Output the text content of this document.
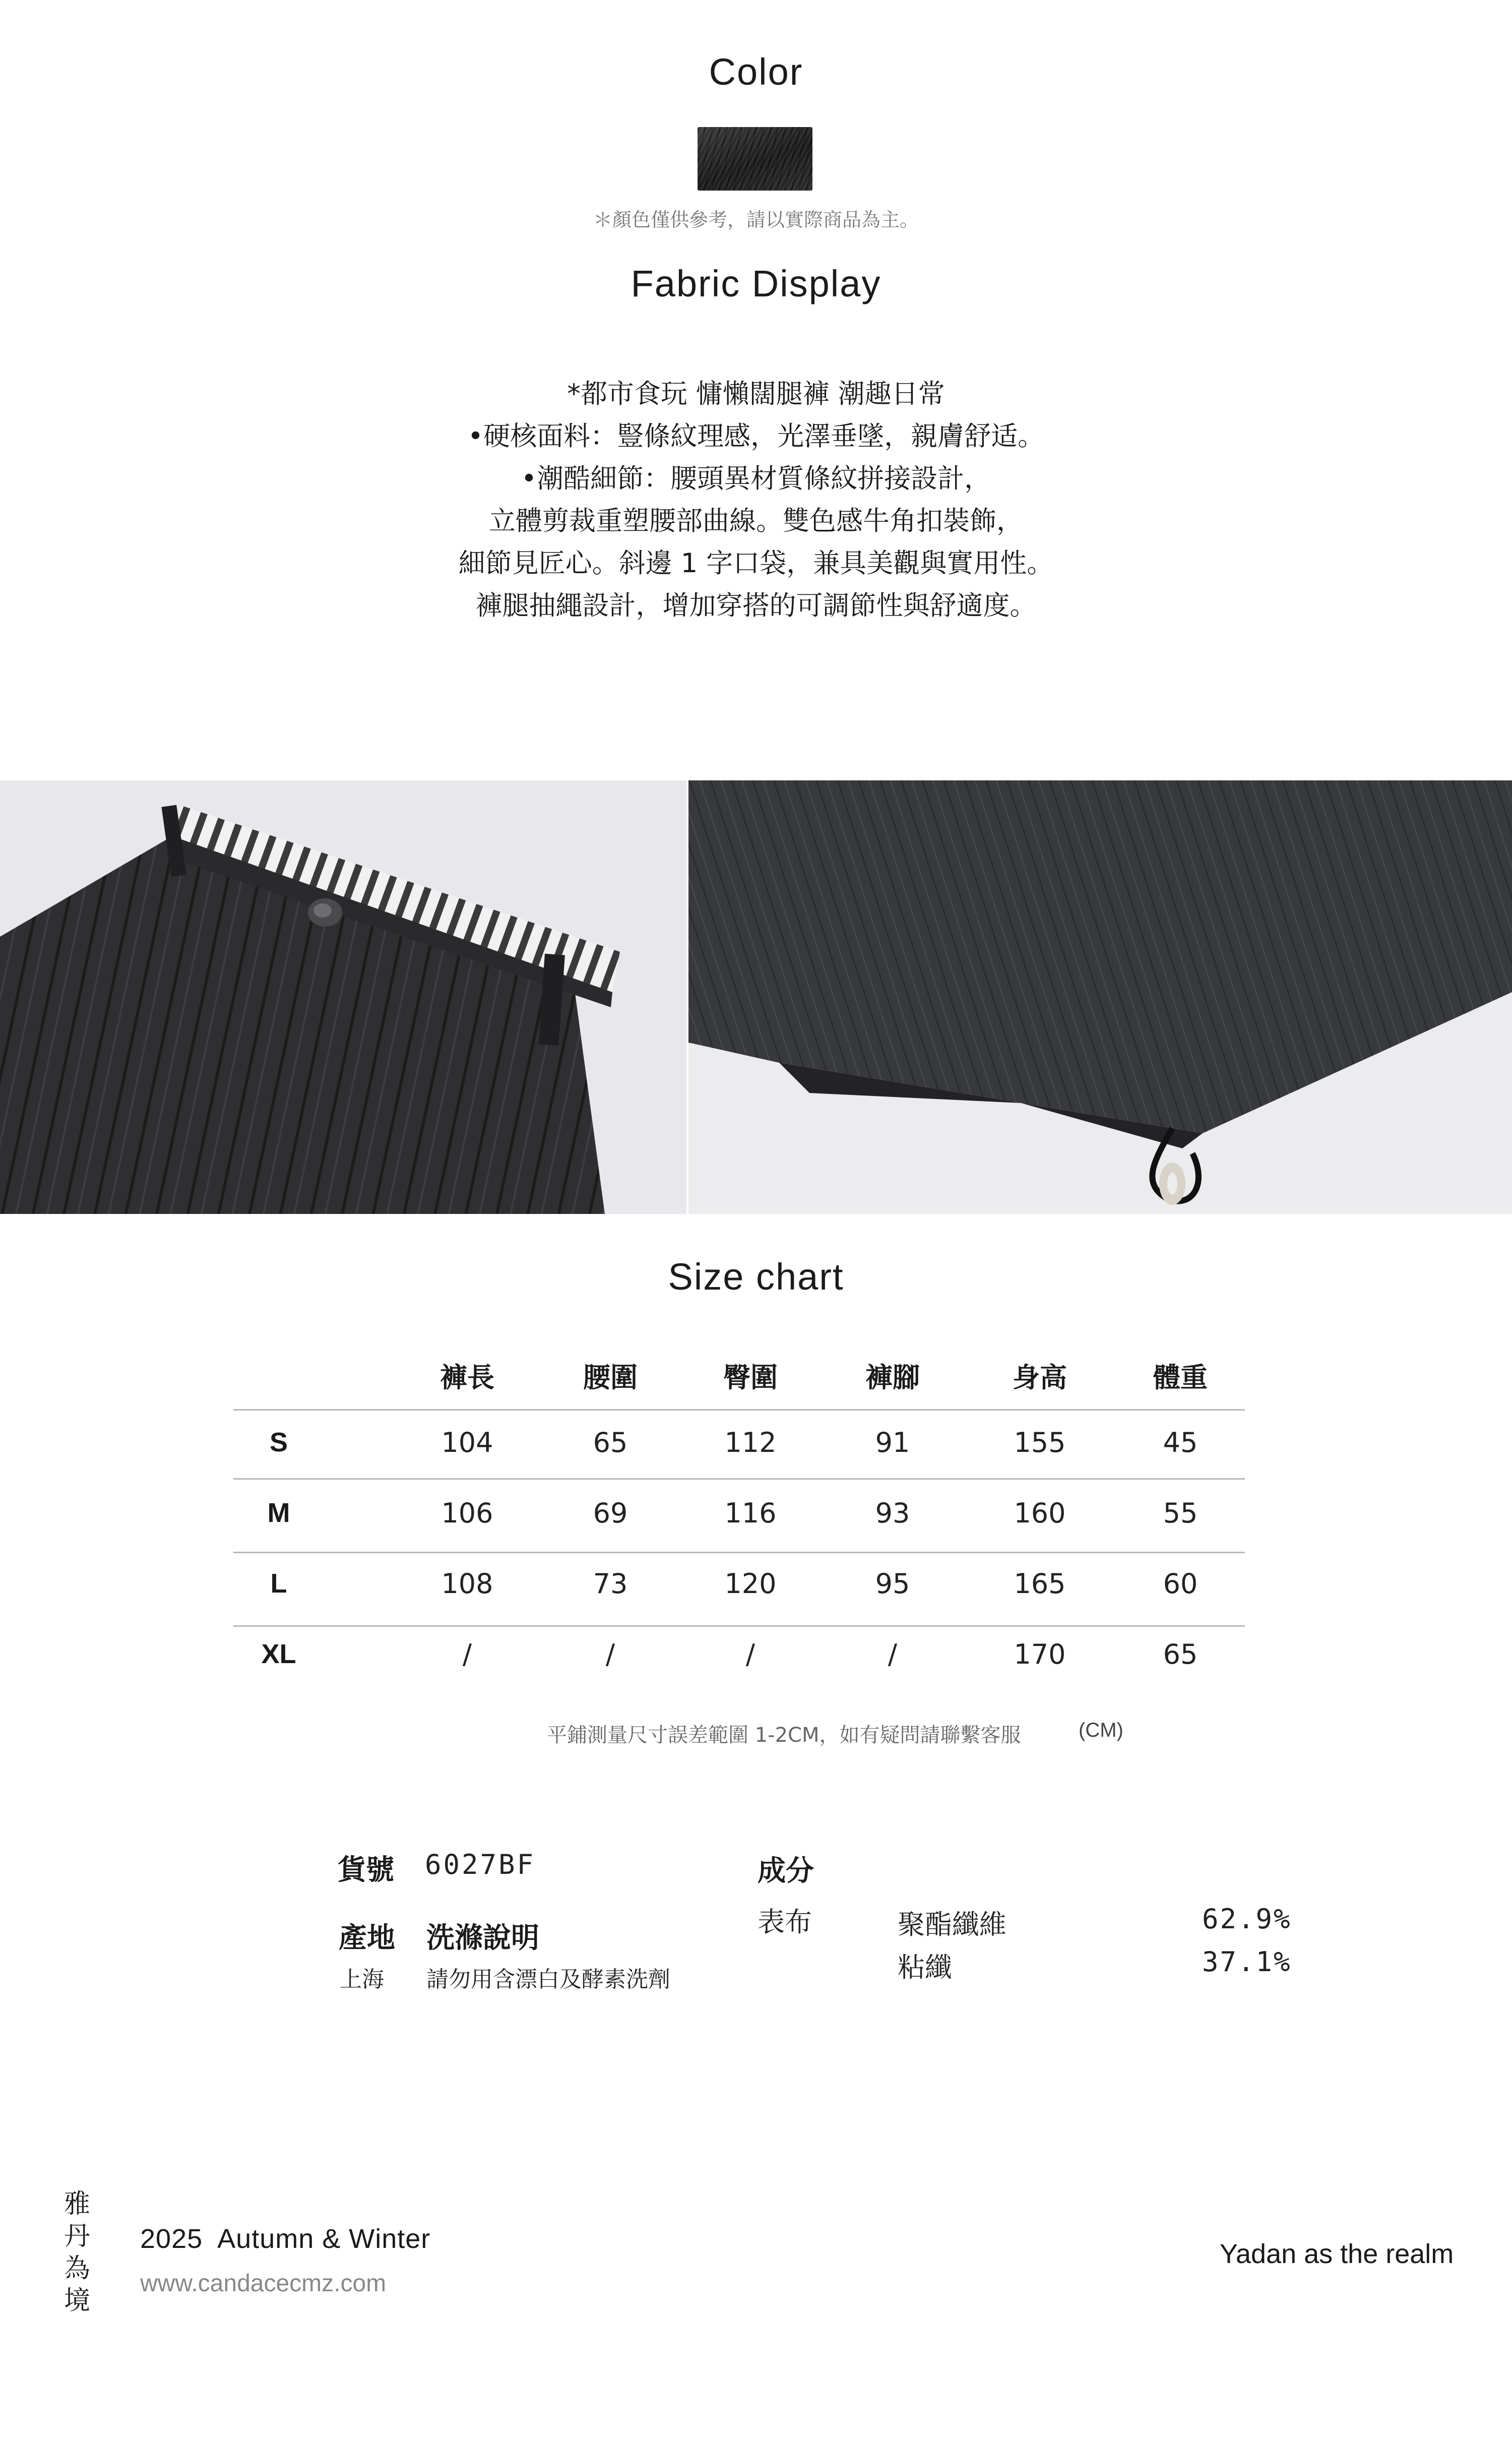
Color
＊顏色僅供參考，請以實際商品為主。
Fabric Display
*都市食玩 慵懶闊腿褲 潮趣日常
•硬核面料：豎條紋理感，光澤垂墜，親膚舒适。
•潮酷細節：腰頭異材質條紋拼接設計，
立體剪裁重塑腰部曲線。雙色感牛角扣裝飾，
細節見匠心。斜邊 1 字口袋，兼具美觀與實用性。
褲腿抽繩設計，增加穿搭的可調節性與舒適度。
Size chart
褲長	腰圍	臀圍	褲腳	身高	體重
S	104	65	112	91	155	45
M	106	69	116	93	160	55
L	108	73	120	95	165	60
XL	/	/	/	/	170	65
平鋪測量尺寸誤差範圍 1-2CM，如有疑問請聯繫客服	(CM)
貨號 6027BF
產地 洗滌說明
上海 請勿用含漂白及酵素洗劑
成分
表布	聚酯纖維	62.9%
粘纖	37.1%
雅
丹
為
境
2025  Autumn & Winter
www.candacecmz.com
Yadan as the realm
